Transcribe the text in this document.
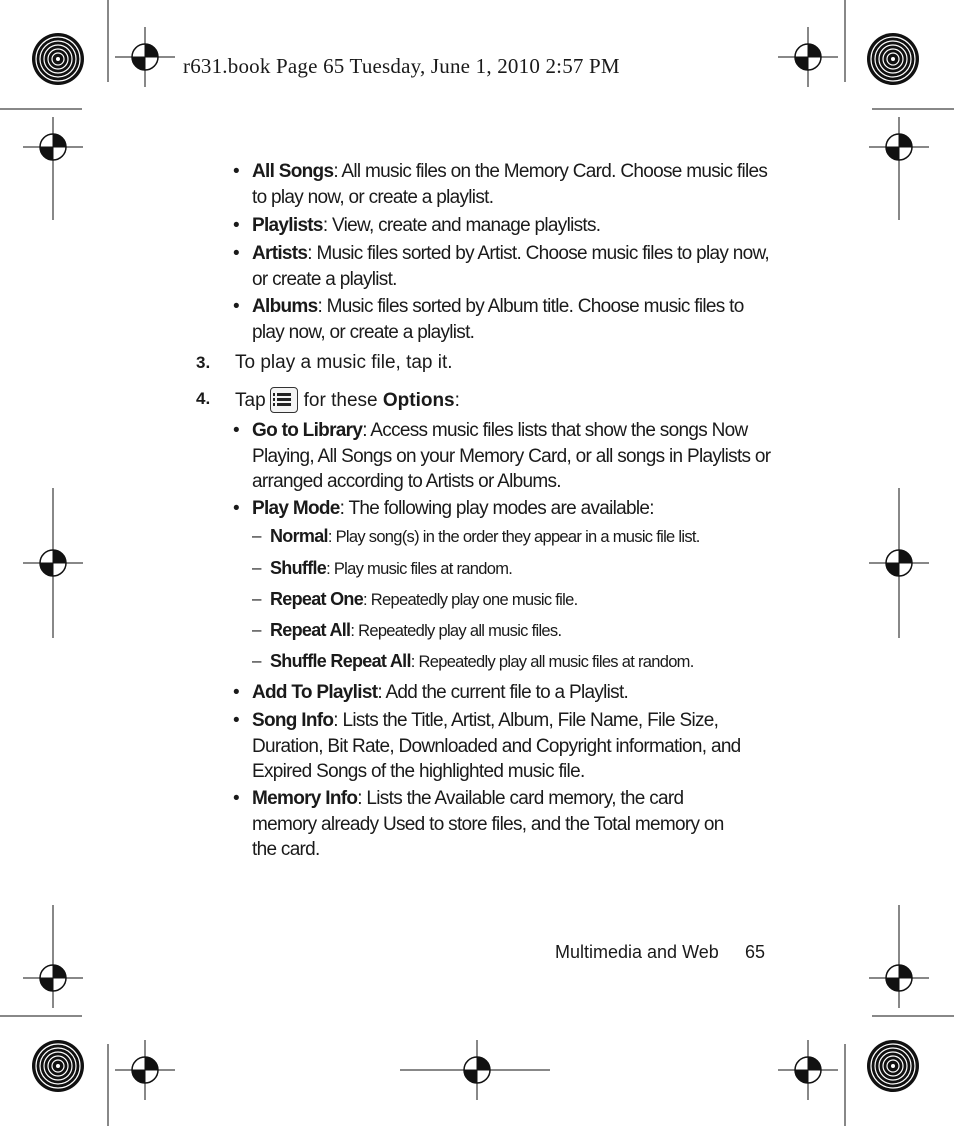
r631.book Page 65 Tuesday, June 1, 2010 2:57 PM
• All Songs: All music files on the Memory Card. Choose music files to play now, or create a playlist.
• Playlists: View, create and manage playlists.
• Artists: Music files sorted by Artist. Choose music files to play now, or create a playlist.
• Albums: Music files sorted by Album title. Choose music files to play now, or create a playlist.
3. To play a music file, tap it.
4. Tap for these Options:
• Go to Library: Access music files lists that show the songs Now Playing, All Songs on your Memory Card, or all songs in Playlists or arranged according to Artists or Albums.
• Play Mode: The following play modes are available:
– Normal: Play song(s) in the order they appear in a music file list.
– Shuffle: Play music files at random.
– Repeat One: Repeatedly play one music file.
– Repeat All: Repeatedly play all music files.
– Shuffle Repeat All: Repeatedly play all music files at random.
• Add To Playlist: Add the current file to a Playlist.
• Song Info: Lists the Title, Artist, Album, File Name, File Size, Duration, Bit Rate, Downloaded and Copyright information, and Expired Songs of the highlighted music file.
• Memory Info: Lists the Available card memory, the card memory already Used to store files, and the Total memory on the card.
Multimedia and Web 65
